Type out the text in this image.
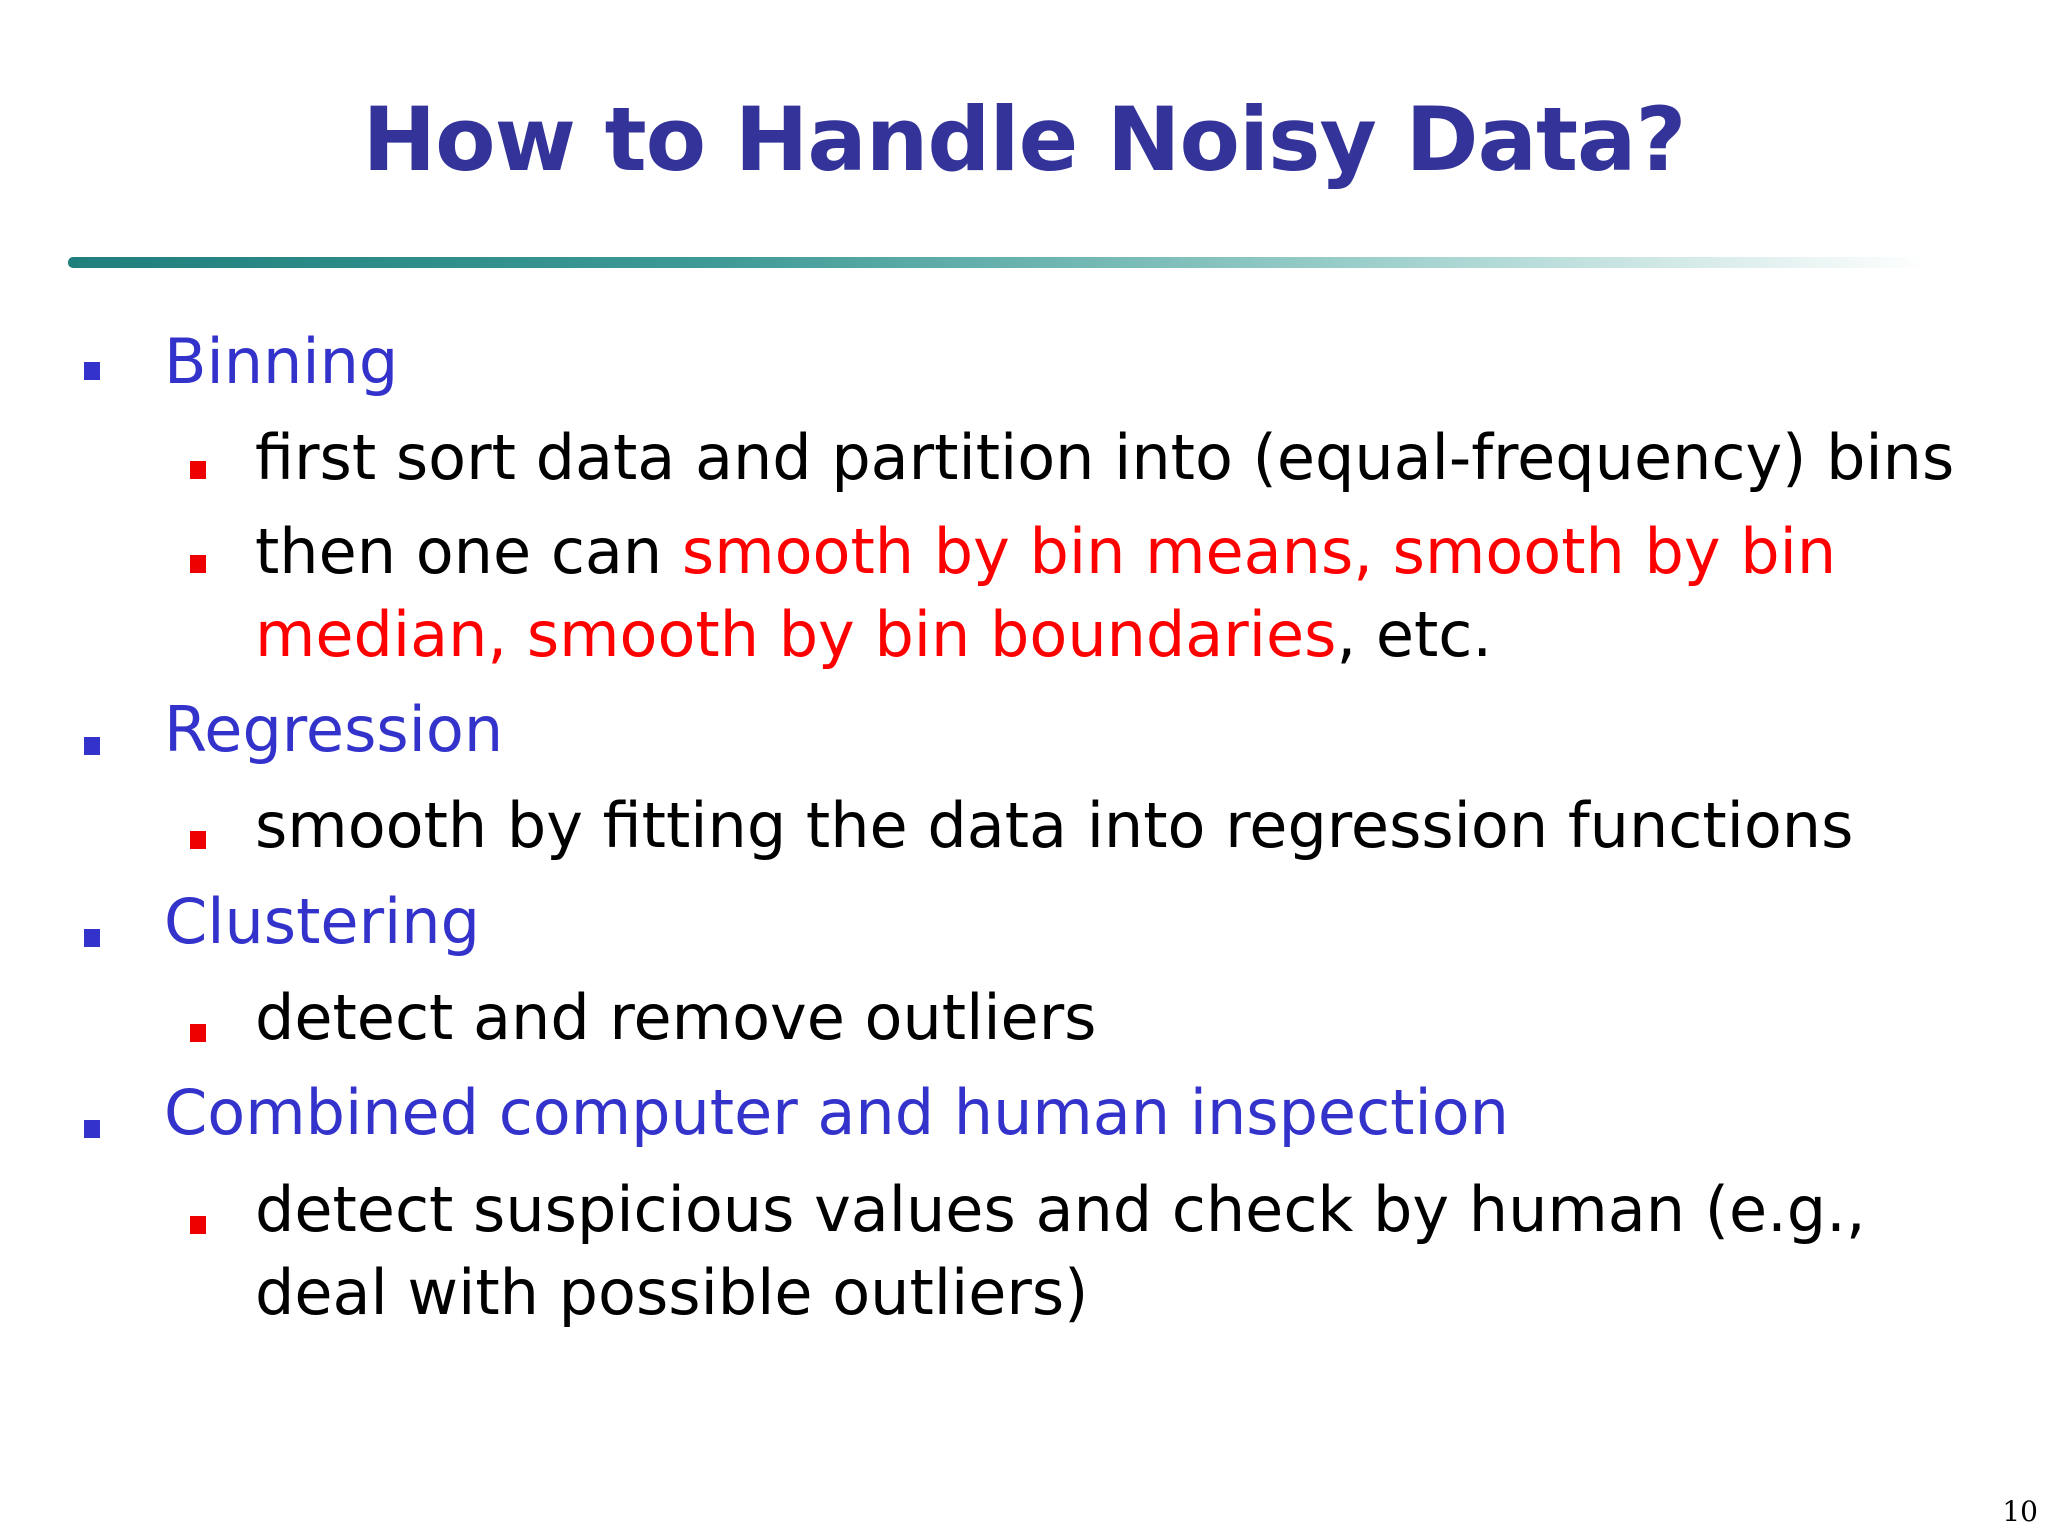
How to Handle Noisy Data?
Binning
first sort data and partition into (equal-frequency) bins
then one can smooth by bin means, smooth by bin
median, smooth by bin boundaries, etc.
Regression
smooth by fitting the data into regression functions
Clustering
detect and remove outliers
Combined computer and human inspection
detect suspicious values and check by human (e.g.,
deal with possible outliers)
10
